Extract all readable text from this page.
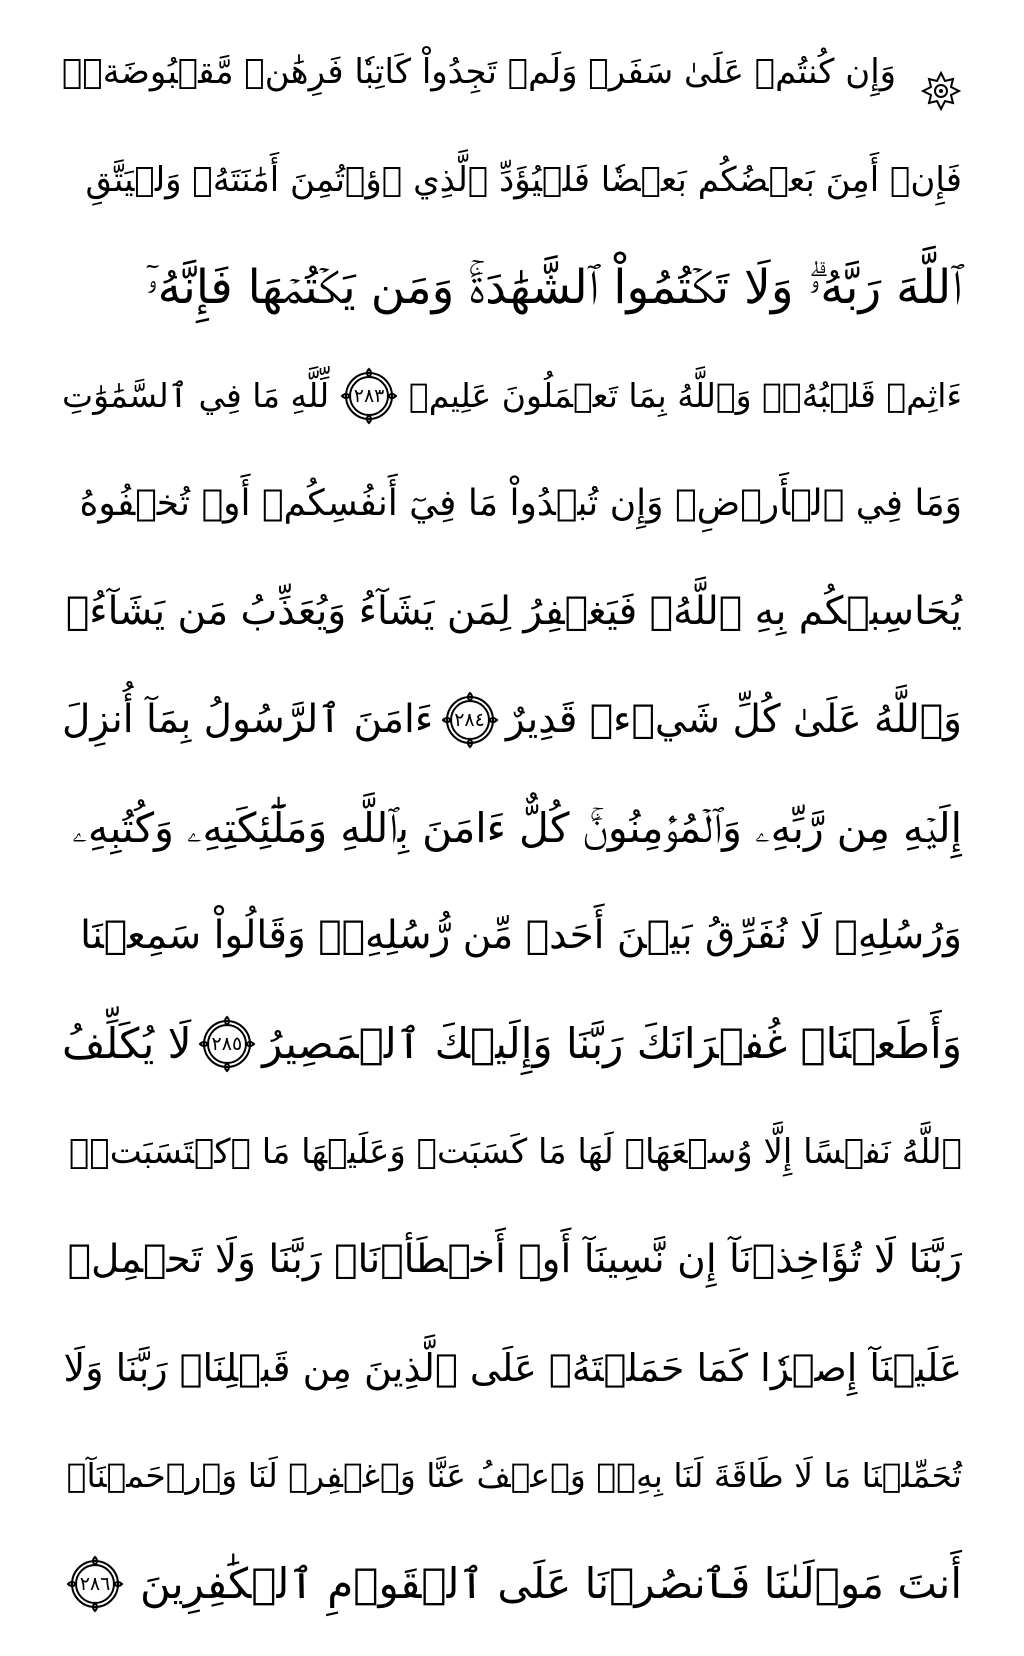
وَإِن كُنتُمۡ عَلَىٰ سَفَرٖ وَلَمۡ تَجِدُواْ كَاتِبٗا فَرِهَٰنٞ مَّقۡبُوضَةٞۖ
فَإِنۡ أَمِنَ بَعۡضُكُم بَعۡضٗا فَلۡيُؤَدِّ ٱلَّذِي ٱؤۡتُمِنَ أَمَٰنَتَهُۥ وَلۡيَتَّقِ
ٱللَّهَ رَبَّهُۥۗ وَلَا تَكۡتُمُواْ ٱلشَّهَٰدَةَۚ وَمَن يَكۡتُمۡهَا فَإِنَّهُۥٓ
ءَاثِمٞ قَلۡبُهُۥۗ وَٱللَّهُ بِمَا تَعۡمَلُونَ عَلِيمٞ
٢٨٣
لِّلَّهِ مَا فِي ٱلسَّمَٰوَٰتِ
وَمَا فِي ٱلۡأَرۡضِۗ وَإِن تُبۡدُواْ مَا فِيٓ أَنفُسِكُمۡ أَوۡ تُخۡفُوهُ
يُحَاسِبۡكُم بِهِ ٱللَّهُۖ فَيَغۡفِرُ لِمَن يَشَآءُ وَيُعَذِّبُ مَن يَشَآءُۗ
وَٱللَّهُ عَلَىٰ كُلِّ شَيۡءٖ قَدِيرٌ
٢٨٤
ءَامَنَ ٱلرَّسُولُ بِمَآ أُنزِلَ
إِلَيۡهِ مِن رَّبِّهِۦ وَٱلۡمُؤۡمِنُونَۚ كُلٌّ ءَامَنَ بِٱللَّهِ وَمَلَٰٓئِكَتِهِۦ وَكُتُبِهِۦ
وَرُسُلِهِۦ لَا نُفَرِّقُ بَيۡنَ أَحَدٖ مِّن رُّسُلِهِۦۚ وَقَالُواْ سَمِعۡنَا
وَأَطَعۡنَاۖ غُفۡرَانَكَ رَبَّنَا وَإِلَيۡكَ ٱلۡمَصِيرُ
٢٨٥
لَا يُكَلِّفُ
ٱللَّهُ نَفۡسًا إِلَّا وُسۡعَهَاۚ لَهَا مَا كَسَبَتۡ وَعَلَيۡهَا مَا ٱكۡتَسَبَتۡۗ
رَبَّنَا لَا تُؤَاخِذۡنَآ إِن نَّسِينَآ أَوۡ أَخۡطَأۡنَاۚ رَبَّنَا وَلَا تَحۡمِلۡ
عَلَيۡنَآ إِصۡرٗا كَمَا حَمَلۡتَهُۥ عَلَى ٱلَّذِينَ مِن قَبۡلِنَاۚ رَبَّنَا وَلَا
تُحَمِّلۡنَا مَا لَا طَاقَةَ لَنَا بِهِۦۖ وَٱعۡفُ عَنَّا وَٱغۡفِرۡ لَنَا وَٱرۡحَمۡنَآۚ
أَنتَ مَوۡلَىٰنَا فَٱنصُرۡنَا عَلَى ٱلۡقَوۡمِ ٱلۡكَٰفِرِينَ
٢٨٦
